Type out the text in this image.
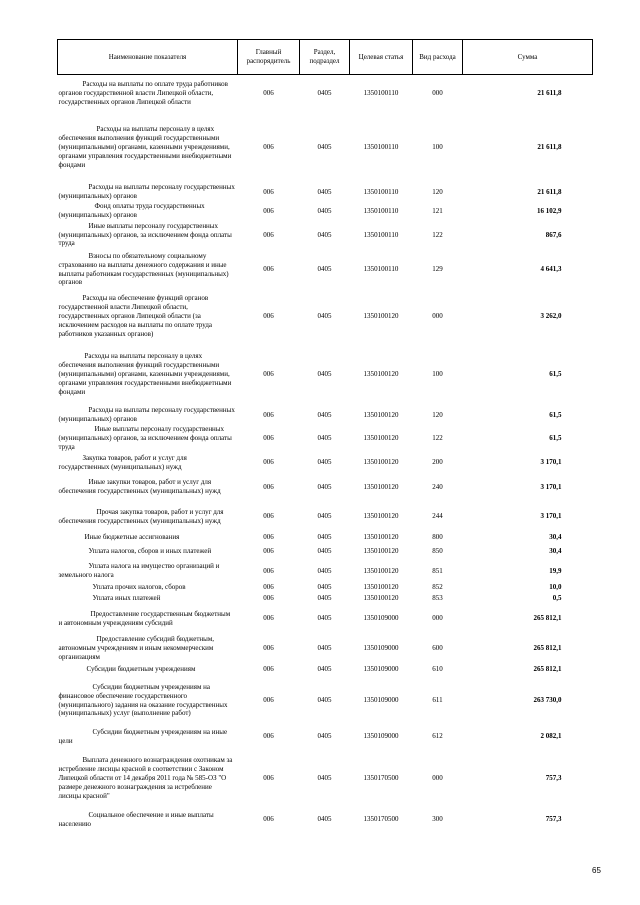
Наименование показателя	Главный распорядитель	Раздел, подраздел	Целевая статья	Вид расхода	Сумма

Расходы на выплаты по оплате труда работников органов государственной власти Липецкой области, государственных органов Липецкой области	006	0405	1350100110	000	21 611,8

Расходы на выплаты персоналу в целях обеспечения выполнения функций государственными (муниципальными) органами, казенными учреждениями, органами управления государственными внебюджетными фондами	006	0405	1350100110	100	21 611,8

Расходы на выплаты персоналу государственных (муниципальных) органов	006	0405	1350100110	120	21 611,8

Фонд оплаты труда государственных (муниципальных) органов	006	0405	1350100110	121	16 102,9

Иные выплаты персоналу государственных (муниципальных) органов, за исключением фонда оплаты труда	006	0405	1350100110	122	867,6

Взносы по обязательному социальному страхованию на выплаты денежного содержания и иные выплаты работникам государственных (муниципальных) органов	006	0405	1350100110	129	4 641,3

Расходы на обеспечение функций органов государственной власти Липецкой области, государственных органов Липецкой области (за исключением расходов на выплаты по оплате труда работников указанных органов)	006	0405	1350100120	000	3 262,0

Расходы на выплаты персоналу в целях обеспечения выполнения функций государственными (муниципальными) органами, казенными учреждениями, органами управления государственными внебюджетными фондами	006	0405	1350100120	100	61,5

Расходы на выплаты персоналу государственных (муниципальных) органов	006	0405	1350100120	120	61,5

Иные выплаты персоналу государственных (муниципальных) органов, за исключением фонда оплаты труда	006	0405	1350100120	122	61,5

Закупка товаров, работ и услуг для государственных (муниципальных) нужд	006	0405	1350100120	200	3 170,1

Иные закупки товаров, работ и услуг для обеспечения государственных (муниципальных) нужд	006	0405	1350100120	240	3 170,1

Прочая закупка товаров, работ и услуг для обеспечения государственных (муниципальных) нужд	006	0405	1350100120	244	3 170,1

Иные бюджетные ассигнования	006	0405	1350100120	800	30,4

Уплата налогов, сборов и иных платежей	006	0405	1350100120	850	30,4

Уплата налога на имущество организаций и земельного налога	006	0405	1350100120	851	19,9

Уплата прочих налогов, сборов	006	0405	1350100120	852	10,0

Уплата иных платежей	006	0405	1350100120	853	0,5

Предоставление государственным бюджетным и автономным учреждениям субсидий	006	0405	1350109000	000	265 812,1

Предоставление субсидий бюджетным, автономным учреждениям и иным некоммерческим организациям	006	0405	1350109000	600	265 812,1

Субсидии бюджетным учреждениям	006	0405	1350109000	610	265 812,1

Субсидии бюджетным учреждениям на финансовое обеспечение государственного (муниципального) задания на оказание государственных (муниципальных) услуг (выполнение работ)	006	0405	1350109000	611	263 730,0

Субсидии бюджетным учреждениям на иные цели	006	0405	1350109000	612	2 082,1

Выплата денежного вознаграждения охотникам за истребление лисицы красной в соответствии с Законом Липецкой области от 14 декабря 2011 года № 585-ОЗ "О размере денежного вознаграждения за истребление лисицы красной"	006	0405	1350170500	000	757,3

Социальное обеспечение и иные выплаты населению	006	0405	1350170500	300	757,3
65
